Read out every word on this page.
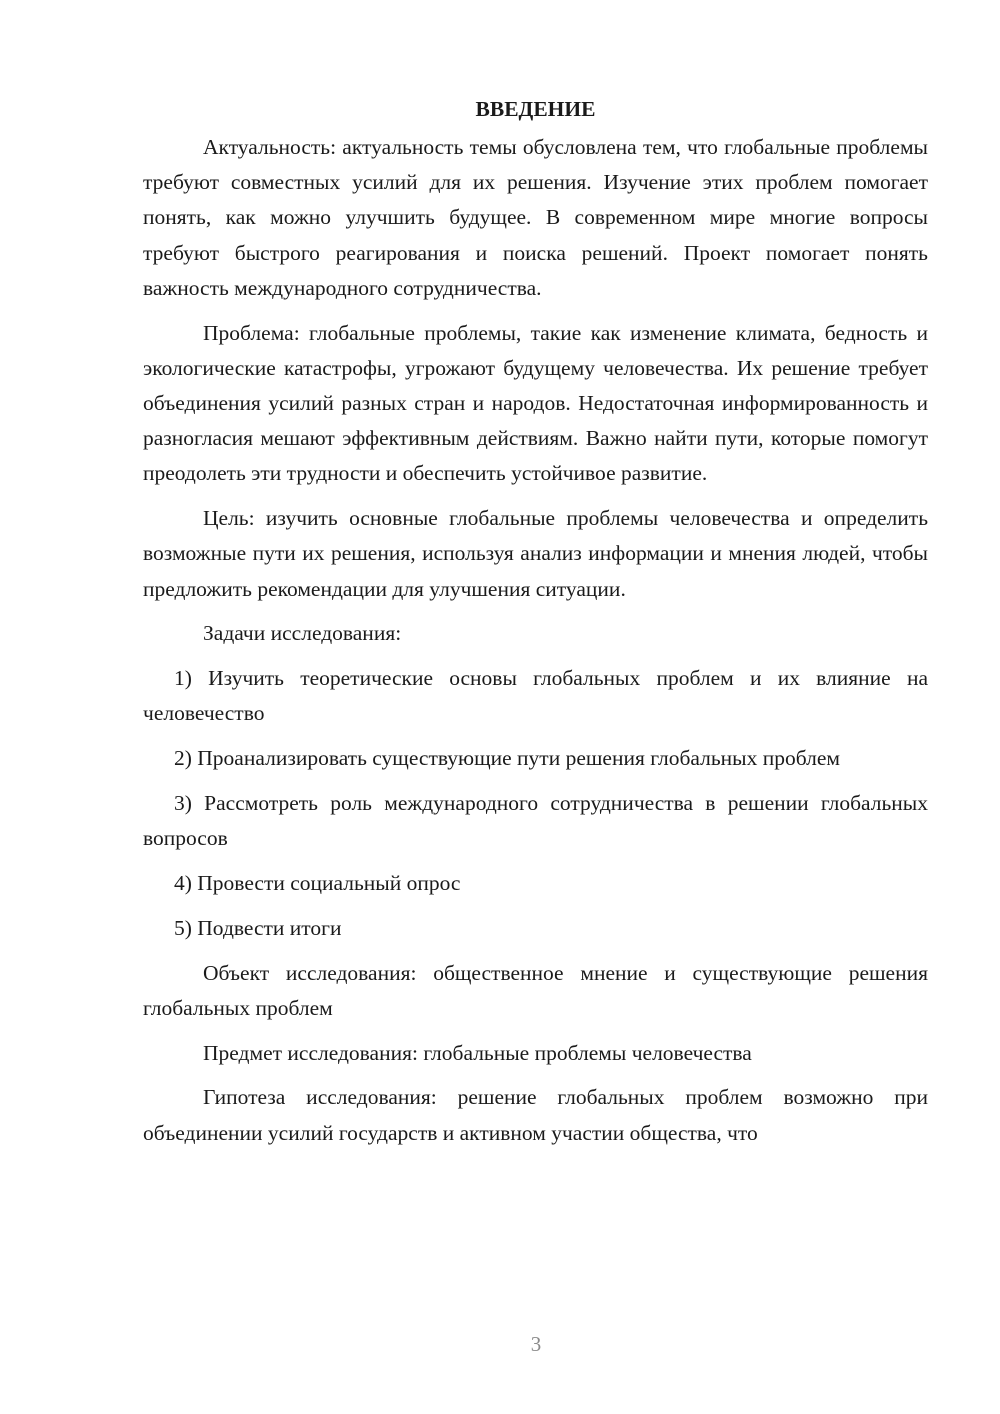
ВВЕДЕНИЕ

Актуальность: актуальность темы обусловлена тем, что глобальные проблемы требуют совместных усилий для их решения. Изучение этих проблем помогает понять, как можно улучшить будущее. В современном мире многие вопросы требуют быстрого реагирования и поиска решений. Проект помогает понять важность международного сотрудничества.

Проблема: глобальные проблемы, такие как изменение климата, бедность и экологические катастрофы, угрожают будущему человечества. Их решение требует объединения усилий разных стран и народов. Недостаточная информированность и разногласия мешают эффективным действиям. Важно найти пути, которые помогут преодолеть эти трудности и обеспечить устойчивое развитие.

Цель: изучить основные глобальные проблемы человечества и определить возможные пути их решения, используя анализ информации и мнения людей, чтобы предложить рекомендации для улучшения ситуации.

Задачи исследования:

1) Изучить теоретические основы глобальных проблем и их влияние на человечество

2) Проанализировать существующие пути решения глобальных проблем

3) Рассмотреть роль международного сотрудничества в решении глобальных вопросов

4) Провести социальный опрос

5) Подвести итоги

Объект исследования: общественное мнение и существующие решения глобальных проблем

Предмет исследования: глобальные проблемы человечества

Гипотеза исследования: решение глобальных проблем возможно при объединении усилий государств и активном участии общества, что

3
